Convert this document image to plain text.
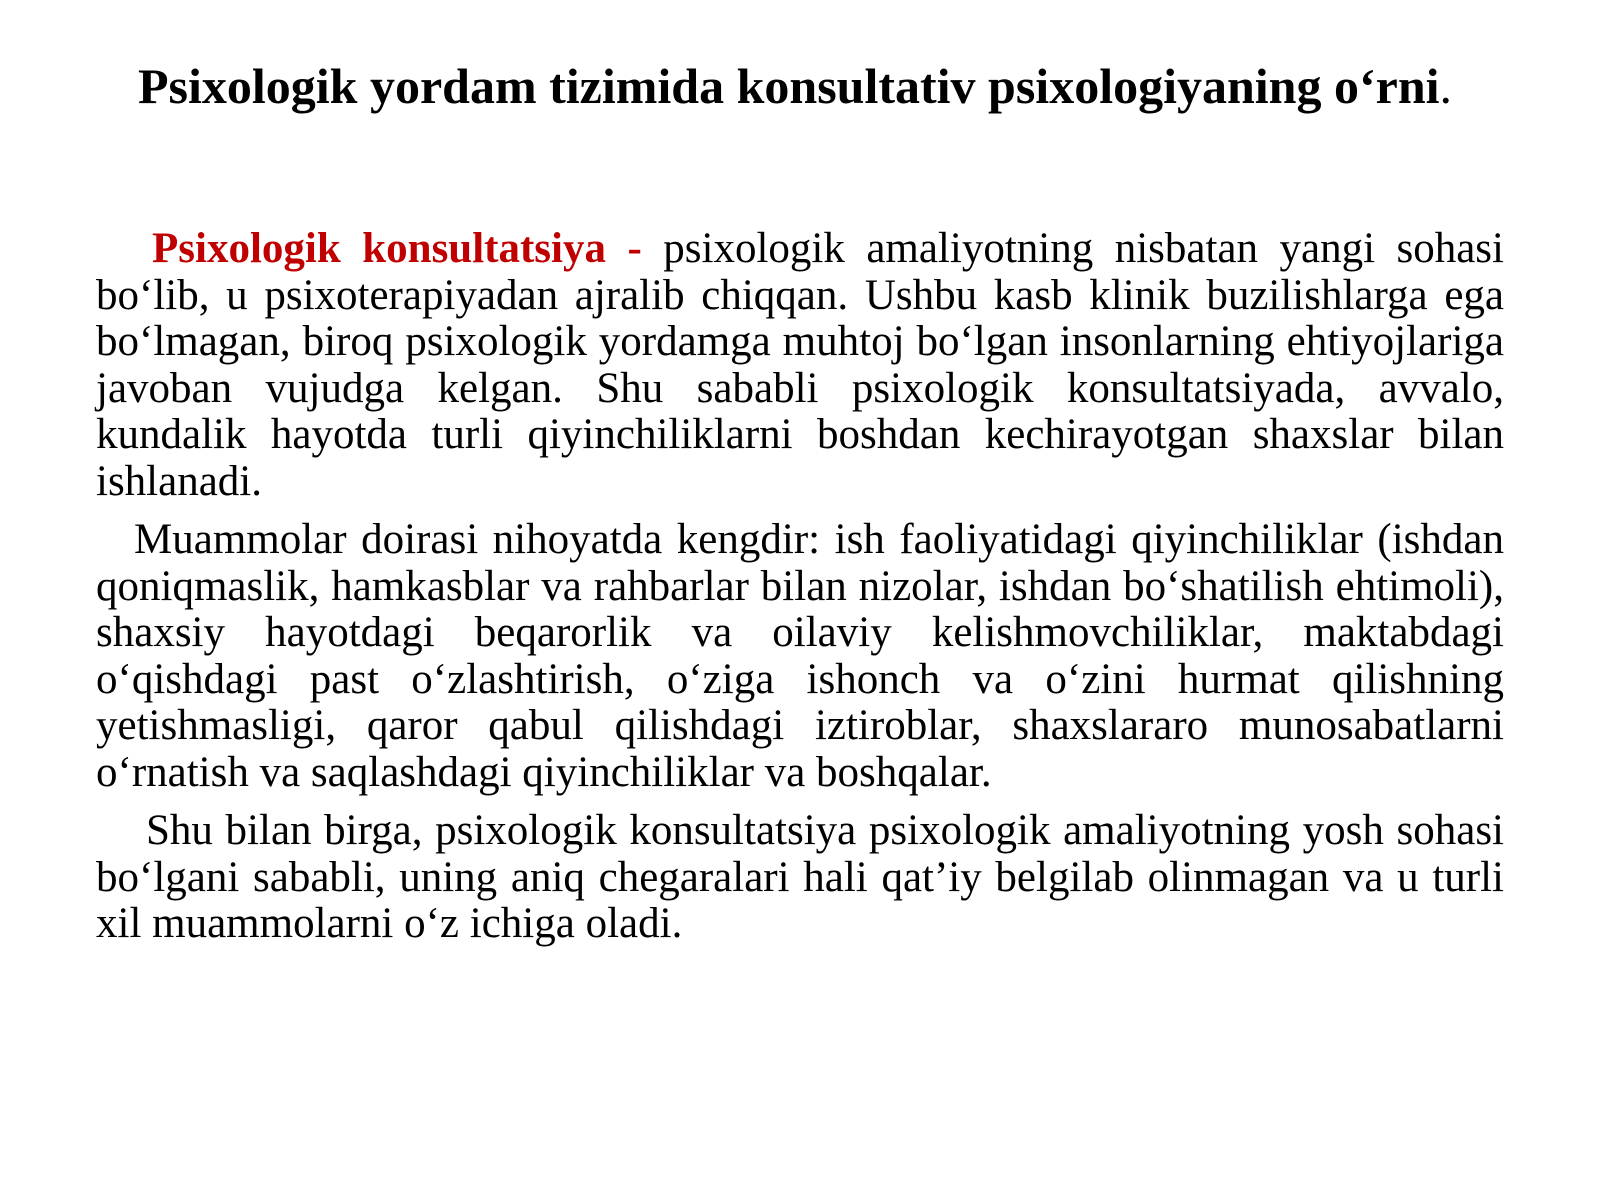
Psixologik yordam tizimida konsultativ psixologiyaning o‘rni.

Psixologik konsultatsiya - psixologik amaliyotning nisbatan yangi sohasi bo‘lib, u psixoterapiyadan ajralib chiqqan. Ushbu kasb klinik buzilishlarga ega bo‘lmagan, biroq psixologik yordamga muhtoj bo‘lgan insonlarning ehtiyojlariga javoban vujudga kelgan. Shu sababli psixologik konsultatsiyada, avvalo, kundalik hayotda turli qiyinchiliklarni boshdan kechirayotgan shaxslar bilan ishlanadi.

Muammolar doirasi nihoyatda kengdir: ish faoliyatidagi qiyinchiliklar (ishdan qoniqmaslik, hamkasblar va rahbarlar bilan nizolar, ishdan bo‘shatilish ehtimoli), shaxsiy hayotdagi beqarorlik va oilaviy kelishmovchiliklar, maktabdagi o‘qishdagi past o‘zlashtirish, o‘ziga ishonch va o‘zini hurmat qilishning yetishmasligi, qaror qabul qilishdagi iztiroblar, shaxslararo munosabatlarni o‘rnatish va saqlashdagi qiyinchiliklar va boshqalar.

Shu bilan birga, psixologik konsultatsiya psixologik amaliyotning yosh sohasi bo‘lgani sababli, uning aniq chegaralari hali qat’iy belgilab olinmagan va u turli xil muammolarni o‘z ichiga oladi.
